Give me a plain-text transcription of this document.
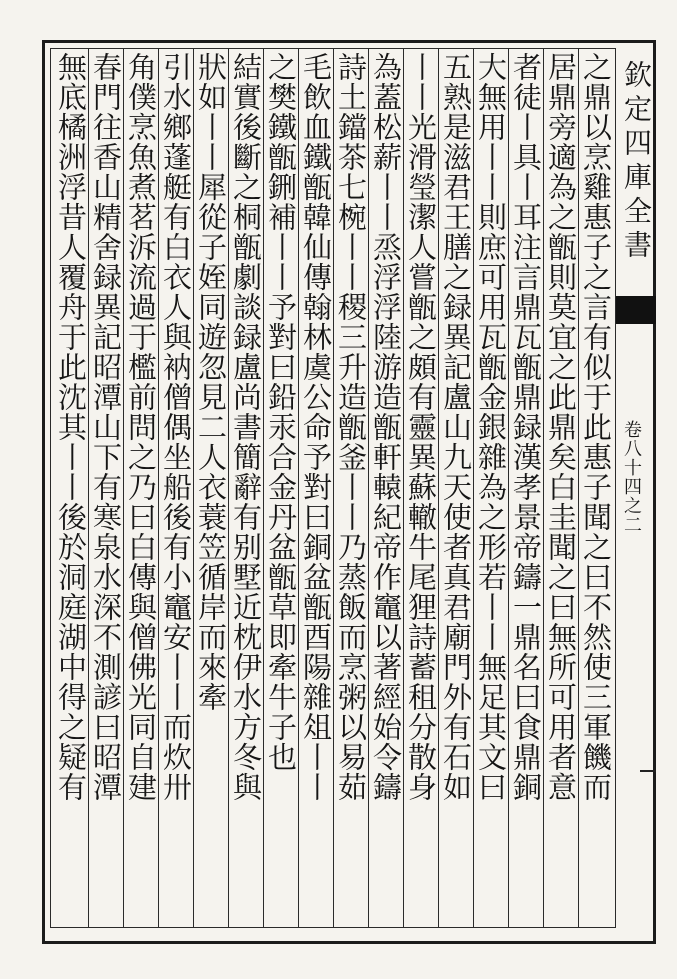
之鼎以烹雞惠子之言有似于此惠子聞之曰不然使三軍饑而
居鼎旁適為之甑則莫宜之此鼎矣白圭聞之曰無所可用者意
者徒丨具丨耳注言鼎瓦甑鼎録漢孝景帝鑄一鼎名曰食鼎銅
大無用丨丨則庶可用瓦甑金銀雜為之形若丨丨無足其文曰
五熟是滋君王膳之録異記盧山九天使者真君廟門外有石如
丨丨光滑瑩潔人嘗甑之頗有靈異蘇轍牛尾狸詩蓄租分散身
為蓋松薪丨丨烝浮浮陸游造甑軒轅紀帝作竈以著經始令鑄
詩土鐺茶七椀丨丨稷三升造甑釜丨丨乃蒸飯而烹粥以易茹
毛飲血鐵甑韓仙傳翰林虞公命予對曰銅盆甑酉陽雜俎丨丨
之樊鐵甑鉶補丨丨予對曰鉛汞合金丹盆甑草即牽牛子也
結實後斷之桐甑劇談録盧尚書簡辭有别墅近枕伊水方冬與
狀如丨丨犀從子姪同遊忽見二人衣蓑笠循岸而來牽
引水鄉蓬艇有白衣人與衲僧偶坐船後有小竈安丨丨而炊卅
角僕烹魚煮茗泝流過于檻前問之乃曰白傳與僧佛光同自建
春門往香山精舍録異記昭潭山下有寒泉水深不測諺曰昭潭
無底橘洲浮昔人覆舟于此沈其丨丨後於洞庭湖中得之疑有	欽定四庫全書
卷八十四之二
